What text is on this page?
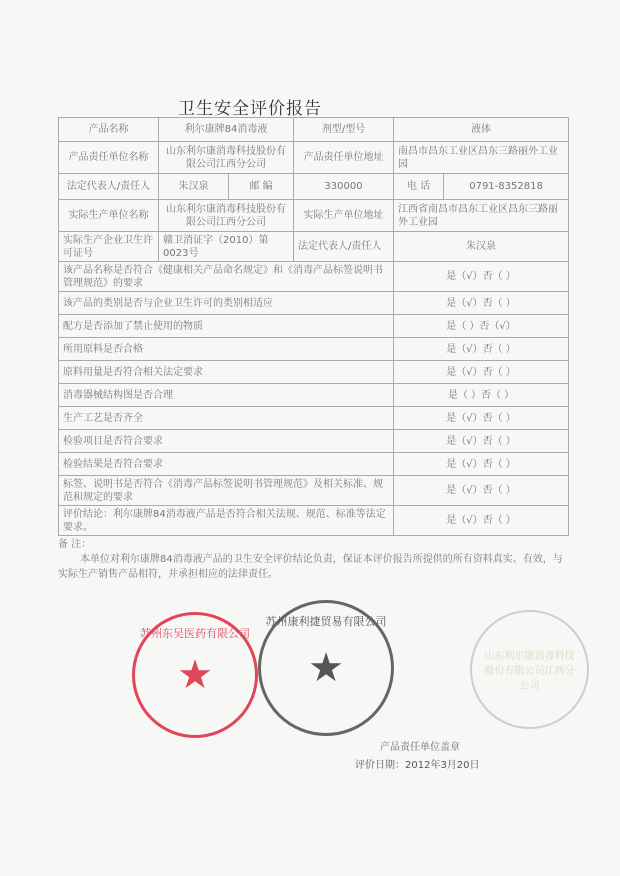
卫生安全评价报告
产品名称	利尔康牌84消毒液		剂型/型号	液体	
产品责任单位名称	山东利尔康消毒科技股份有限公司江西分公司		产品责任单位地址	南昌市昌东工业区昌东三路丽外工业园	
法定代表人/责任人	朱汉泉	邮 编	330000	电 话	0791-8352818
实际生产单位名称	山东利尔康消毒科技股份有限公司江西分公司		实际生产单位地址	江西省南昌市昌东工业区昌东三路丽外工业园	
实际生产企业卫生许可证号	赣卫消证字（2010）第0023号		法定代表人/责任人	朱汉泉	
该产品名称是否符合《健康相关产品命名规定》和《消毒产品标签说明书管理规范》的要求				是（√）否（ ）	
该产品的类别是否与企业卫生许可的类别相适应				是（√）否（ ）	
配方是否添加了禁止使用的物质				是（ ）否（√）	
所用原料是否合格				是（√）否（ ）	
原料用量是否符合相关法定要求				是（√）否（ ）	
消毒器械结构图是否合理				是（ ）否（ ）	
生产工艺是否齐全				是（√）否（ ）	
检验项目是否符合要求				是（√）否（ ）	
检验结果是否符合要求				是（√）否（ ）	
标签、说明书是否符合《消毒产品标签说明书管理规范》及相关标准、规范和规定的要求				是（√）否（ ）	
评价结论：利尔康牌84消毒液产品是否符合相关法规、规范、标准等法定要求。				是（√）否（ ）	
备 注：
本单位对利尔康牌84消毒液产品的卫生安全评价结论负责，保证本评价报告所提供的所有资料真实、有效，与实际生产销售产品相符，并承担相应的法律责任。
苏州东吴医药有限公司
★
苏州康利捷贸易有限公司
★	山东利尔康消毒科技股份有限公司江西分公司
产品责任单位盖章
评价日期：2012年3月20日
